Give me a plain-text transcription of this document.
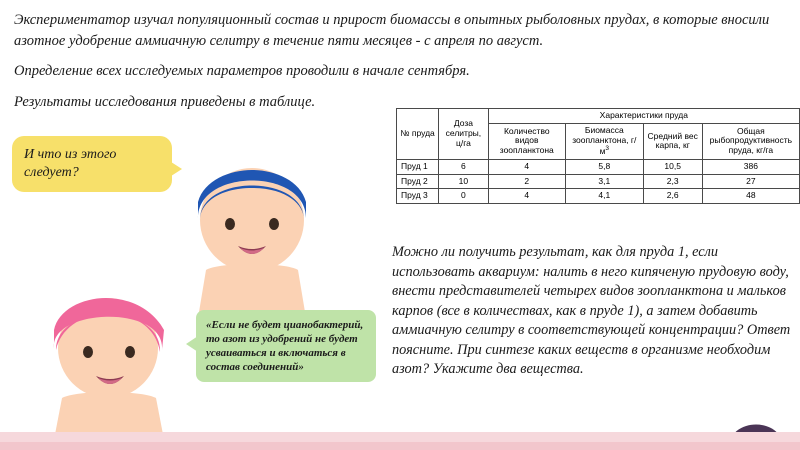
Экспериментатор изучал популяционный состав и прирост биомассы в опытных рыболовных прудах, в которые вносили азотное удобрение аммиачную селитру в течение пяти месяцев - с апреля по август.

Определение всех исследуемых параметров проводили в начале сентября.

Результаты исследования приведены в таблице.

И что из этого следует?
«Если не будет цианобактерий, то азот из удобрений не будет усваиваться и включаться в состав соединений»
№ пруда	Доза селитры, ц/га	Характеристики пруда			
		Количество видов зоопланктона	Биомасса зоопланктона, $г/м^3$	Средний вес карпа, кг	Общая рыбопродуктивность пруда, кг/га
Пруд 1	6	4	5,8	10,5	386
Пруд 2	10	2	3,1	2,3	27
Пруд 3	0	4	4,1	2,6	48
Можно ли получить результат, как для пруда 1, если использовать аквариум: налить в него кипяченую прудовую воду, внести представителей четырех видов зоопланктона и мальков карпов (все в количествах, как в пруде 1), а затем добавить аммиачную селитру в соответствующей концентрации? Ответ поясните. При синтезе каких веществ в организме необходим азот? Укажите два вещества.
